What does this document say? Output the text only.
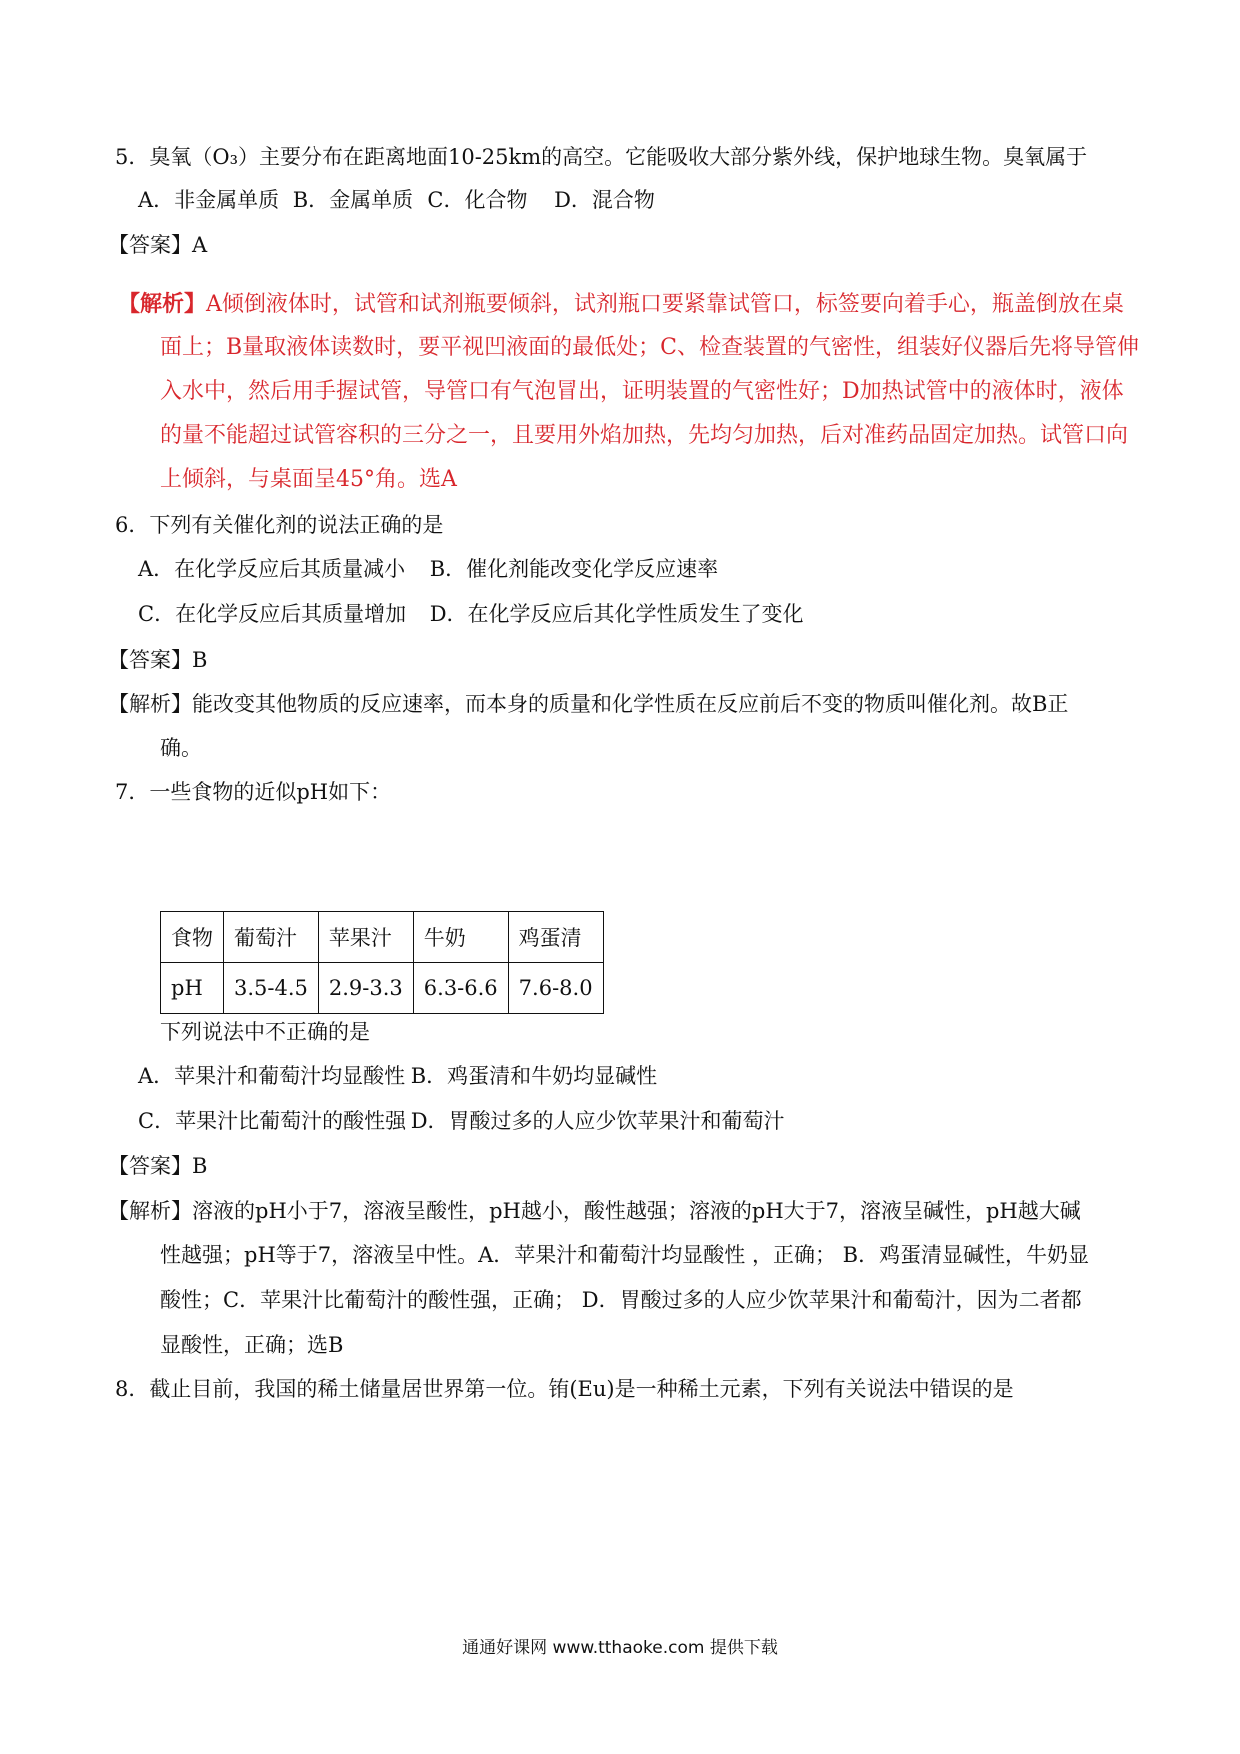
5．臭氧（O₃）主要分布在距离地面10-25km的高空。它能吸收大部分紫外线，保护地球生物。臭氧属于
A．非金属单质 B．金属单质 C．化合物 D．混合物
【答案】A
【解析】A倾倒液体时，试管和试剂瓶要倾斜，试剂瓶口要紧靠试管口，标签要向着手心，瓶盖倒放在桌
面上；B量取液体读数时，要平视凹液面的最低处；C、检查装置的气密性，组装好仪器后先将导管伸
入水中，然后用手握试管，导管口有气泡冒出，证明装置的气密性好；D加热试管中的液体时，液体
的量不能超过试管容积的三分之一，且要用外焰加热，先均匀加热，后对准药品固定加热。试管口向
上倾斜，与桌面呈45°角。选A
6．下列有关催化剂的说法正确的是
A．在化学反应后其质量减小 B．催化剂能改变化学反应速率
C．在化学反应后其质量增加 D．在化学反应后其化学性质发生了变化
【答案】B
【解析】能改变其他物质的反应速率，而本身的质量和化学性质在反应前后不变的物质叫催化剂。故B正
确。
7．一些食物的近似pH如下：
食物	葡萄汁	苹果汁	牛奶	鸡蛋清
pH	3.5-4.5	2.9-3.3	6.3-6.6	7.6-8.0
下列说法中不正确的是
A．苹果汁和葡萄汁均显酸性 B．鸡蛋清和牛奶均显碱性
C．苹果汁比葡萄汁的酸性强 D．胃酸过多的人应少饮苹果汁和葡萄汁
【答案】B
【解析】溶液的pH小于7，溶液呈酸性，pH越小，酸性越强；溶液的pH大于7，溶液呈碱性，pH越大碱
性越强；pH等于7，溶液呈中性。A．苹果汁和葡萄汁均显酸性 ，正确； B．鸡蛋清显碱性，牛奶显
酸性；C．苹果汁比葡萄汁的酸性强，正确； D．胃酸过多的人应少饮苹果汁和葡萄汁，因为二者都
显酸性，正确；选B
8．截止目前，我国的稀土储量居世界第一位。铕(Eu)是一种稀土元素，下列有关说法中错误的是
通通好课网 www.tthaoke.com 提供下载
